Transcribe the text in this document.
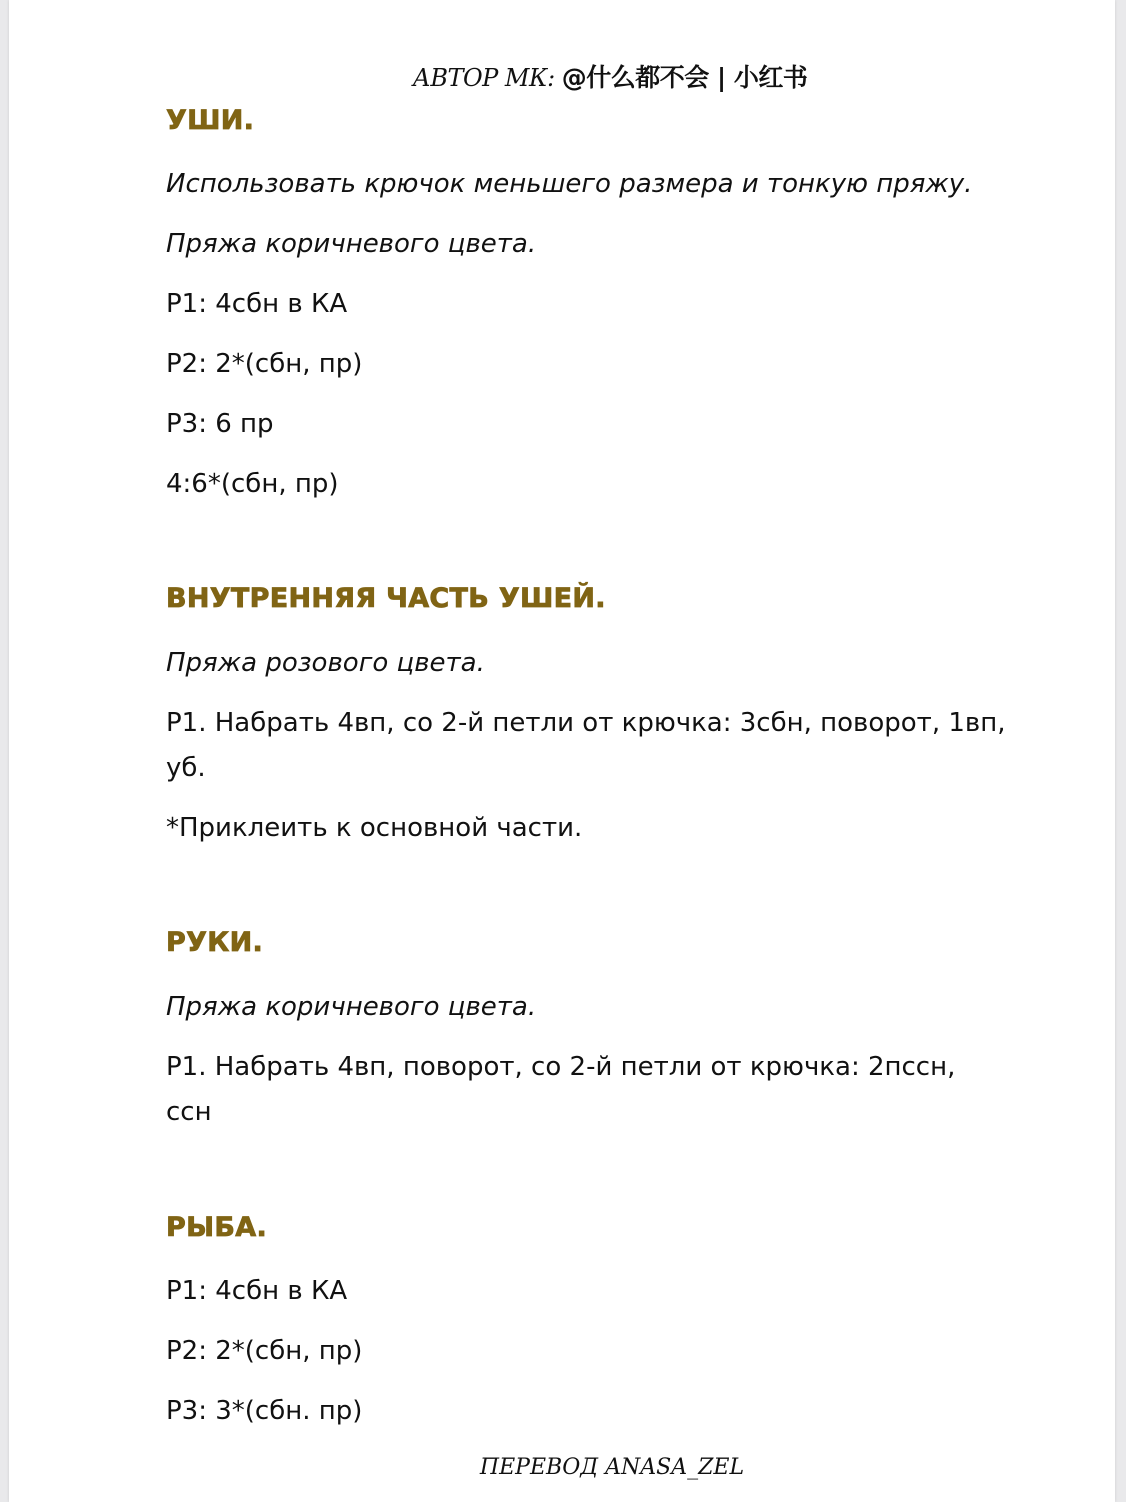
АВТОР МК: @什么都不会 | 小红书
УШИ.
Использовать крючок меньшего размера и тонкую пряжу.
Пряжа коричневого цвета.
Р1: 4сбн в КА
Р2: 2*(сбн, пр)
Р3: 6 пр
4:6*(сбн, пр)
ВНУТРЕННЯЯ ЧАСТЬ УШЕЙ.
Пряжа розового цвета.
Р1. Набрать 4вп, со 2-й петли от крючка: 3сбн, поворот, 1вп,
уб.
*Приклеить к основной части.
РУКИ.
Пряжа коричневого цвета.
Р1. Набрать 4вп, поворот, со 2-й петли от крючка: 2пссн,
ссн
РЫБА.
Р1: 4сбн в КА
Р2: 2*(сбн, пр)
Р3: 3*(сбн. пр)
ПЕРЕВОД ANASA_ZEL
